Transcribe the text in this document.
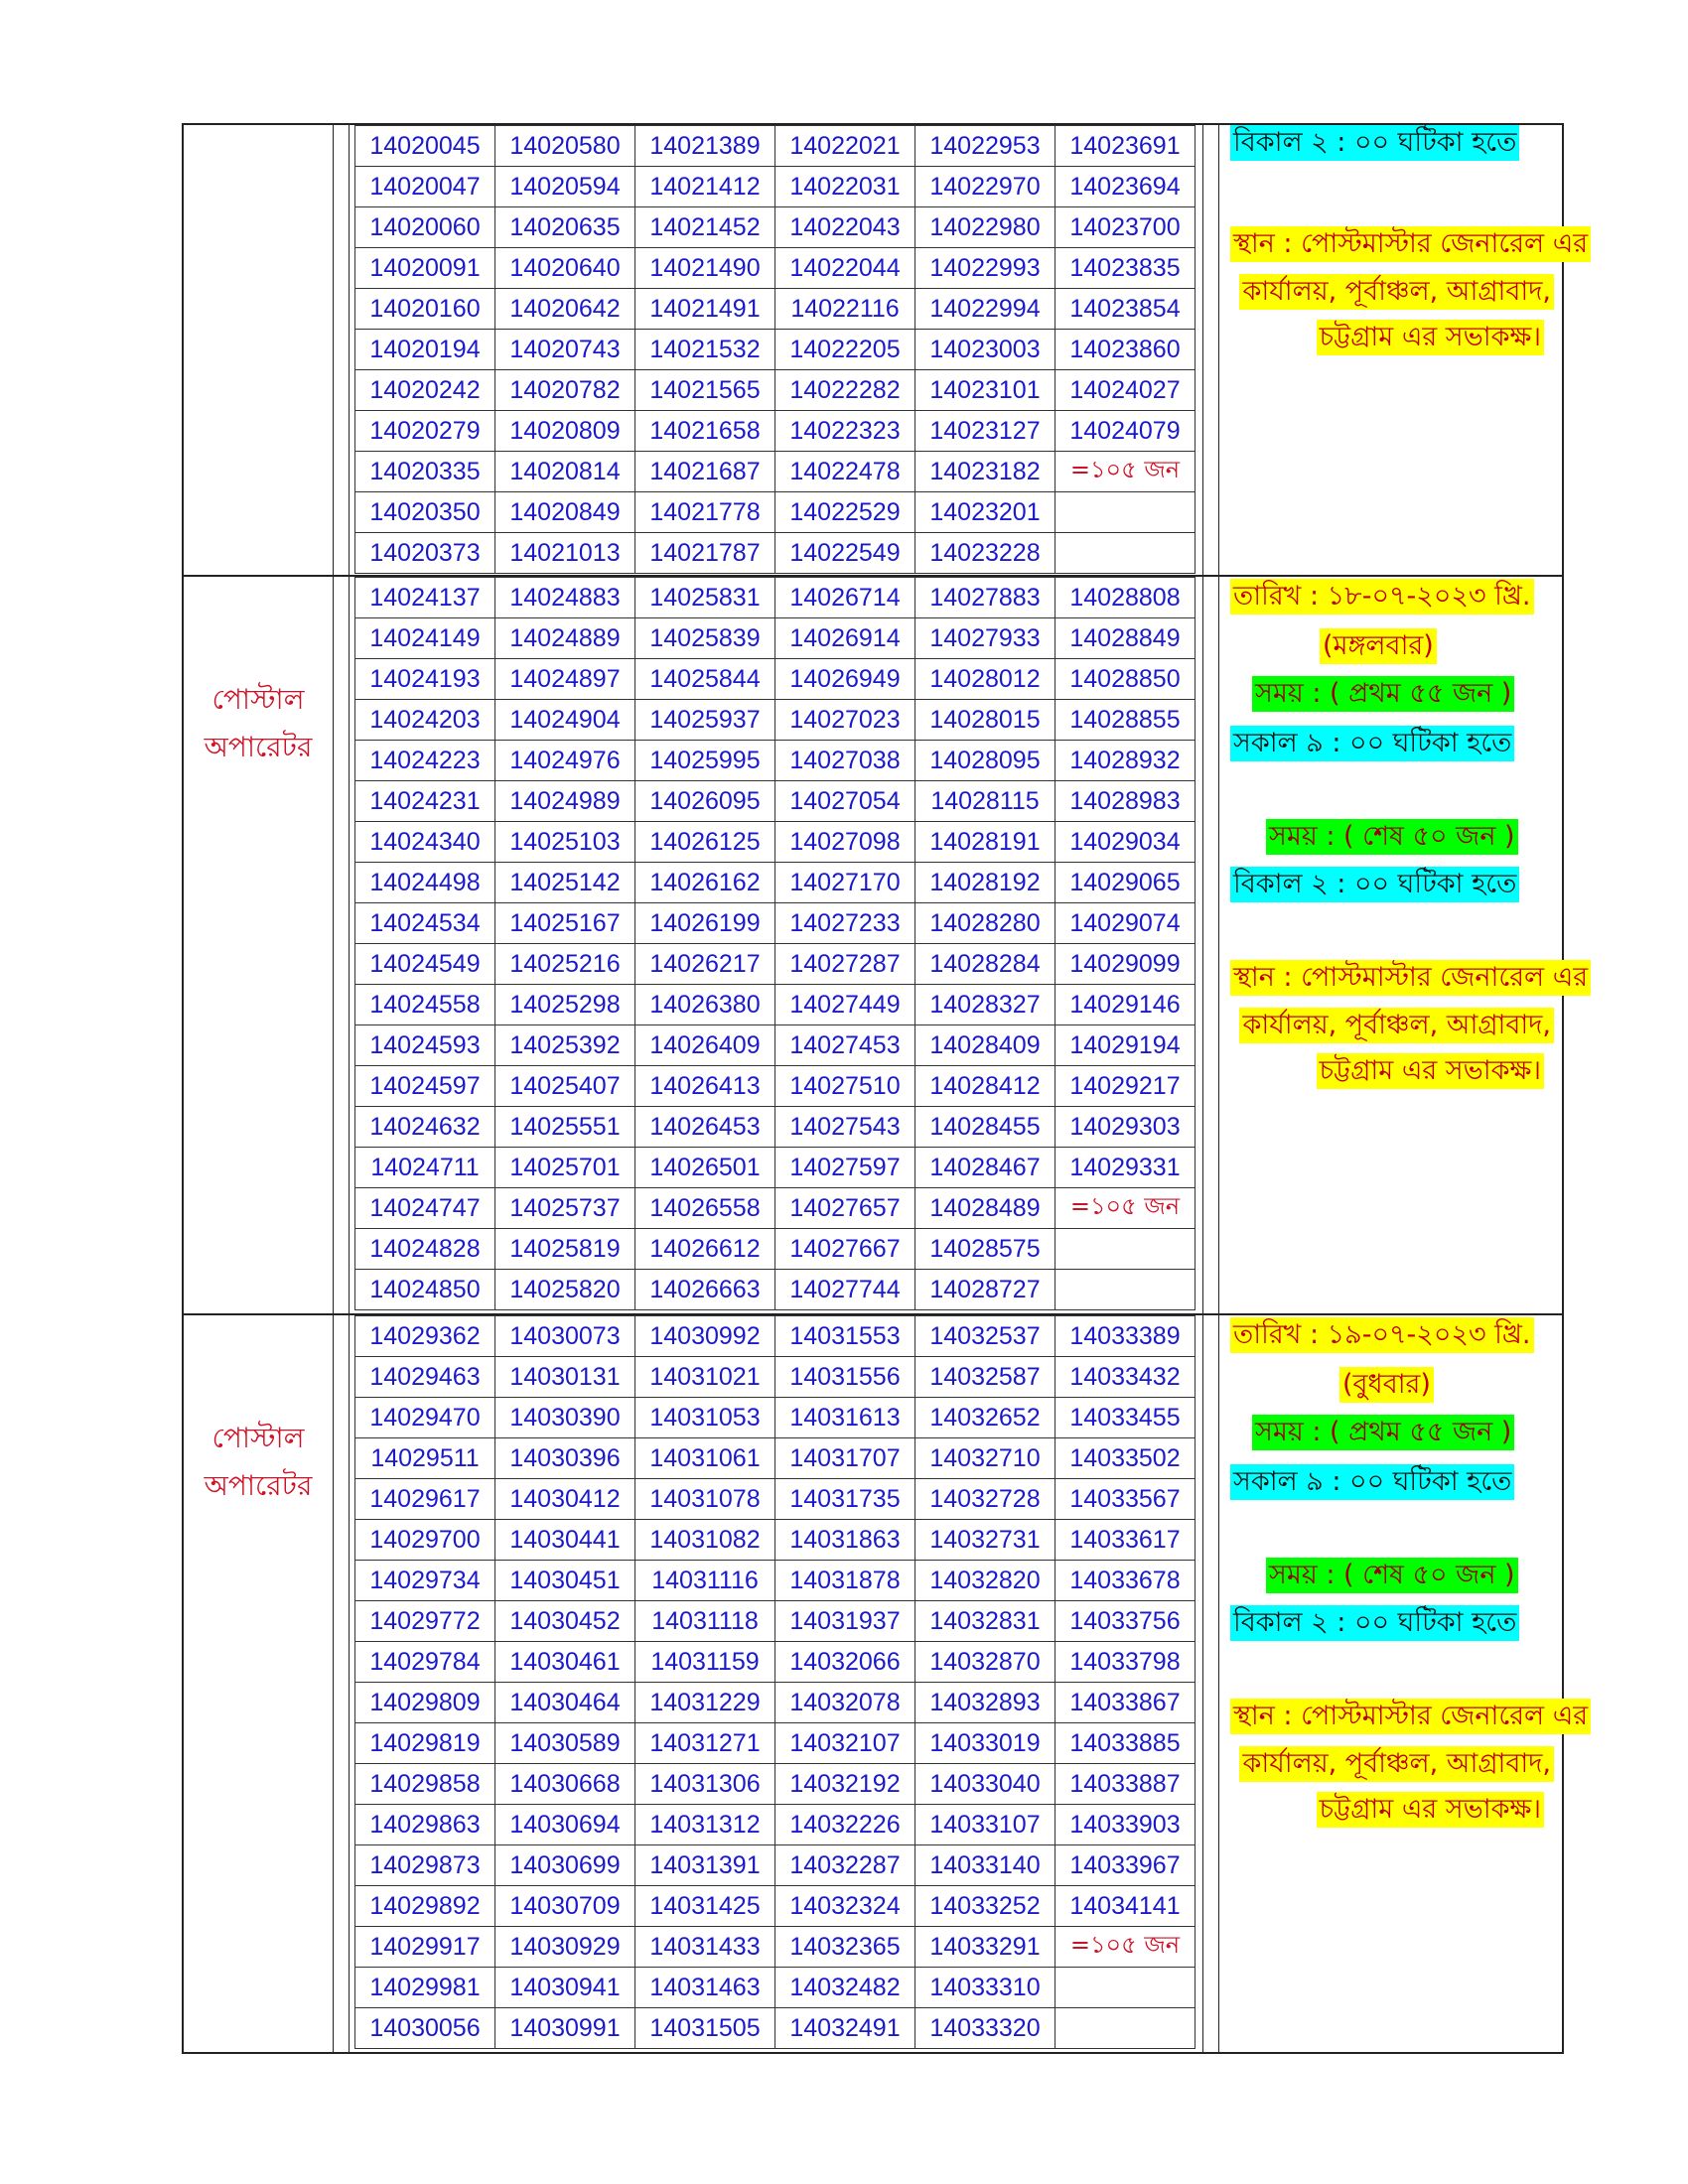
14020045	14020580	14021389	14022021	14022953	14023691
14020047	14020594	14021412	14022031	14022970	14023694
14020060	14020635	14021452	14022043	14022980	14023700
14020091	14020640	14021490	14022044	14022993	14023835
14020160	14020642	14021491	14022116	14022994	14023854
14020194	14020743	14021532	14022205	14023003	14023860
14020242	14020782	14021565	14022282	14023101	14024027
14020279	14020809	14021658	14022323	14023127	14024079
14020335	14020814	14021687	14022478	14023182	=১০৫ জন
14020350	14020849	14021778	14022529	14023201	
14020373	14021013	14021787	14022549	14023228	
বিকাল ২ : ০০ ঘটিকা হতে
স্থান : পোস্টমাস্টার জেনারেল এর
কার্যালয়, পূর্বাঞ্চল, আগ্রাবাদ,
চট্টগ্রাম এর সভাকক্ষ।
পোস্টাল
অপারেটর
14024137	14024883	14025831	14026714	14027883	14028808
14024149	14024889	14025839	14026914	14027933	14028849
14024193	14024897	14025844	14026949	14028012	14028850
14024203	14024904	14025937	14027023	14028015	14028855
14024223	14024976	14025995	14027038	14028095	14028932
14024231	14024989	14026095	14027054	14028115	14028983
14024340	14025103	14026125	14027098	14028191	14029034
14024498	14025142	14026162	14027170	14028192	14029065
14024534	14025167	14026199	14027233	14028280	14029074
14024549	14025216	14026217	14027287	14028284	14029099
14024558	14025298	14026380	14027449	14028327	14029146
14024593	14025392	14026409	14027453	14028409	14029194
14024597	14025407	14026413	14027510	14028412	14029217
14024632	14025551	14026453	14027543	14028455	14029303
14024711	14025701	14026501	14027597	14028467	14029331
14024747	14025737	14026558	14027657	14028489	=১০৫ জন
14024828	14025819	14026612	14027667	14028575	
14024850	14025820	14026663	14027744	14028727	
তারিখ : ১৮-০৭-২০২৩ খ্রি.
(মঙ্গলবার)
সময় : ( প্রথম ৫৫ জন )
সকাল ৯ : ০০ ঘটিকা হতে
সময় : ( শেষ ৫০ জন )
বিকাল ২ : ০০ ঘটিকা হতে
স্থান : পোস্টমাস্টার জেনারেল এর
কার্যালয়, পূর্বাঞ্চল, আগ্রাবাদ,
চট্টগ্রাম এর সভাকক্ষ।
পোস্টাল
অপারেটর
14029362	14030073	14030992	14031553	14032537	14033389
14029463	14030131	14031021	14031556	14032587	14033432
14029470	14030390	14031053	14031613	14032652	14033455
14029511	14030396	14031061	14031707	14032710	14033502
14029617	14030412	14031078	14031735	14032728	14033567
14029700	14030441	14031082	14031863	14032731	14033617
14029734	14030451	14031116	14031878	14032820	14033678
14029772	14030452	14031118	14031937	14032831	14033756
14029784	14030461	14031159	14032066	14032870	14033798
14029809	14030464	14031229	14032078	14032893	14033867
14029819	14030589	14031271	14032107	14033019	14033885
14029858	14030668	14031306	14032192	14033040	14033887
14029863	14030694	14031312	14032226	14033107	14033903
14029873	14030699	14031391	14032287	14033140	14033967
14029892	14030709	14031425	14032324	14033252	14034141
14029917	14030929	14031433	14032365	14033291	=১০৫ জন
14029981	14030941	14031463	14032482	14033310	
14030056	14030991	14031505	14032491	14033320	
তারিখ : ১৯-০৭-২০২৩ খ্রি.
(বুধবার)
সময় : ( প্রথম ৫৫ জন )
সকাল ৯ : ০০ ঘটিকা হতে
সময় : ( শেষ ৫০ জন )
বিকাল ২ : ০০ ঘটিকা হতে
স্থান : পোস্টমাস্টার জেনারেল এর
কার্যালয়, পূর্বাঞ্চল, আগ্রাবাদ,
চট্টগ্রাম এর সভাকক্ষ।
